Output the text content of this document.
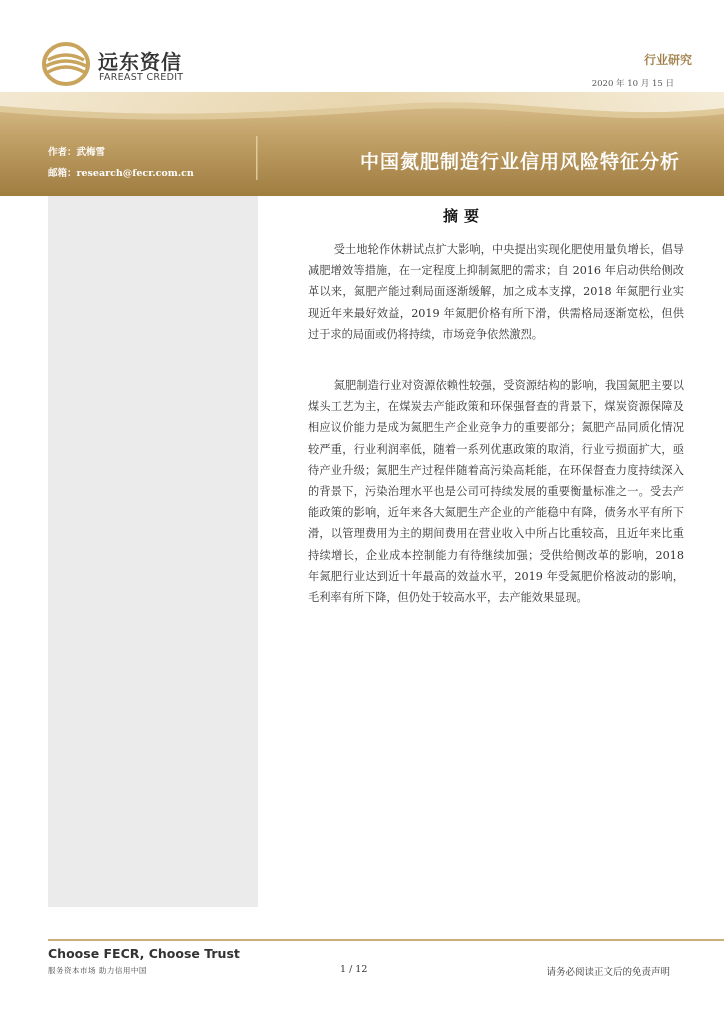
远东资信
FAREAST CREDIT
行业研究
2020 年 10 月 15 日
作者：武梅雪
邮箱：research@fecr.com.cn
中国氮肥制造行业信用风险特征分析
摘要

受土地轮作休耕试点扩大影响，中央提出实现化肥使用量负增长，倡导减肥增效等措施，在一定程度上抑制氮肥的需求；自 2016 年启动供给侧改革以来，氮肥产能过剩局面逐渐缓解，加之成本支撑，2018 年氮肥行业实现近年来最好效益，2019 年氮肥价格有所下滑，供需格局逐渐宽松，但供过于求的局面或仍将持续，市场竞争依然激烈。

氮肥制造行业对资源依赖性较强，受资源结构的影响，我国氮肥主要以煤头工艺为主，在煤炭去产能政策和环保强督查的背景下，煤炭资源保障及相应议价能力是成为氮肥生产企业竞争力的重要部分；氮肥产品同质化情况较严重，行业利润率低，随着一系列优惠政策的取消，行业亏损面扩大，亟待产业升级；氮肥生产过程伴随着高污染高耗能，在环保督查力度持续深入的背景下，污染治理水平也是公司可持续发展的重要衡量标准之一。受去产能政策的影响，近年来各大氮肥生产企业的产能稳中有降，债务水平有所下滑，以管理费用为主的期间费用在营业收入中所占比重较高，且近年来比重持续增长，企业成本控制能力有待继续加强；受供给侧改革的影响，2018 年氮肥行业达到近十年最高的效益水平，2019 年受氮肥价格波动的影响，毛利率有所下降，但仍处于较高水平，去产能效果显现。

Choose FECR, Choose Trust
服务资本市场 助力信用中国	1 / 12	请务必阅读正文后的免责声明
